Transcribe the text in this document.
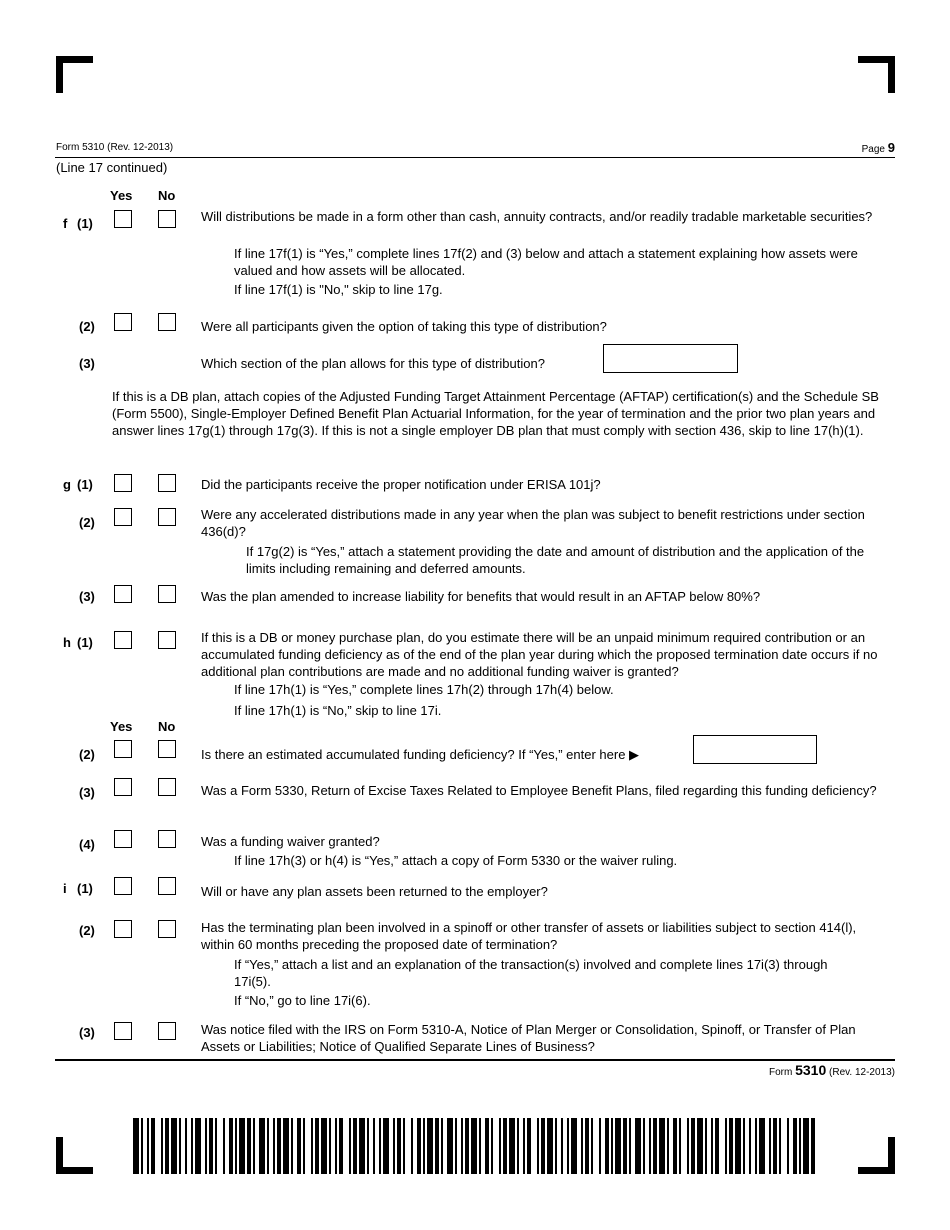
Form 5310 (Rev. 12-2013)	Page 9
(Line 17 continued)
Yes No
f (1)	Will distributions be made in a form other than cash, annuity contracts, and/or readily tradable marketable securities?
If line 17f(1) is “Yes,” complete lines 17f(2) and (3) below and attach a statement explaining how assets were valued and how assets will be allocated.
If line 17f(1) is "No," skip to line 17g.
(2)	Were all participants given the option of taking this type of distribution?
(3)	Which section of the plan allows for this type of distribution?
If this is a DB plan, attach copies of the Adjusted Funding Target Attainment Percentage (AFTAP) certification(s) and the Schedule SB (Form 5500), Single-Employer Defined Benefit Plan Actuarial Information, for the year of termination and the prior two plan years and answer lines 17g(1) through 17g(3). If this is not a single employer DB plan that must comply with section 436, skip to line 17(h)(1).
g (1)	Did the participants receive the proper notification under ERISA 101j?
(2)
Were any accelerated distributions made in any year when the plan was subject to benefit restrictions under section 436(d)?
If 17g(2) is “Yes,” attach a statement providing the date and amount of distribution and the application of the limits including remaining and deferred amounts.
(3)	Was the plan amended to increase liability for benefits that would result in an AFTAP below 80%?
h (1)	If this is a DB or money purchase plan, do you estimate there will be an unpaid minimum required contribution or an accumulated funding deficiency as of the end of the plan year during which the proposed termination date occurs if no additional plan contributions are made and no additional funding waiver is granted?
If line 17h(1) is “Yes,” complete lines 17h(2) through 17h(4) below.
If line 17h(1) is “No,” skip to line 17i.
Yes No
(2)	Is there an estimated accumulated funding deficiency? If “Yes,” enter here ▶
(3)	Was a Form 5330, Return of Excise Taxes Related to Employee Benefit Plans, filed regarding this funding deficiency?
(4)	Was a funding waiver granted?
If line 17h(3) or h(4) is “Yes,” attach a copy of Form 5330 or the waiver ruling.
i (1)	Will or have any plan assets been returned to the employer?
(2)	Has the terminating plan been involved in a spinoff or other transfer of assets or liabilities subject to section 414(l), within 60 months preceding the proposed date of termination?
If “Yes,” attach a list and an explanation of the transaction(s) involved and complete lines 17i(3) through 17i(5).
If “No,” go to line 17i(6).
(3)	Was notice filed with the IRS on Form 5310-A, Notice of Plan Merger or Consolidation, Spinoff, or Transfer of Plan Assets or Liabilities; Notice of Qualified Separate Lines of Business?
Form 5310 (Rev. 12-2013)
